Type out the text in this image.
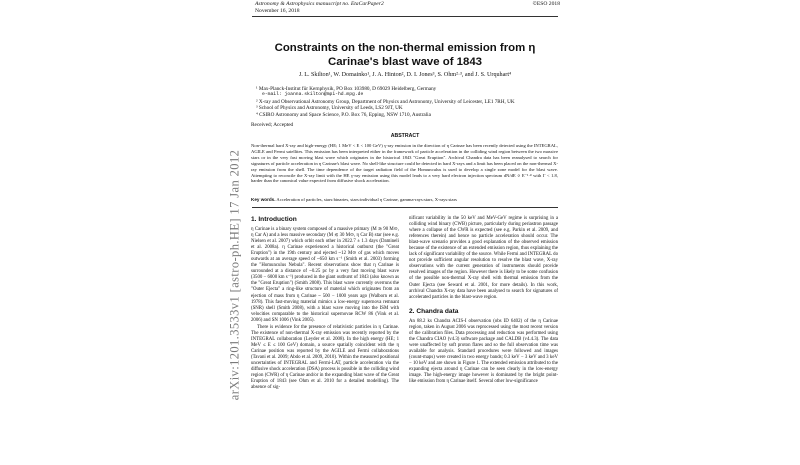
Astronomy & Astrophysics manuscript no. EtaCarPaper2
November 16, 2018
©ESO 2018
Constraints on the non-thermal emission from η Carinae's blast wave of 1843
J. L. Skilton¹, W. Domainko¹, J. A. Hinton², D. I. Jones³, S. Ohm²·³, and J. S. Urquhart⁴
¹ Max-Planck-Institut für Kernphysik, PO Box 103980, D 69029 Heidelberg, Germany
e-mail: joanna.skilton@mpi-hd.mpg.de
² X-ray and Observational Astronomy Group, Department of Physics and Astronomy, University of Leicester, LE1 7RH, UK
³ School of Physics and Astronomy, University of Leeds, LS2 9JT, UK
⁴ CSIRO Astronomy and Space Science, P.O. Box 76, Epping, NSW 1710, Australia
Received; Accepted
ABSTRACT
Non-thermal hard X-ray and high-energy (HE; 1 MeV < E < 100 GeV) γ-ray emission in the direction of η Carinae has been recently detected using the INTEGRAL, AGILE and Fermi satellites. This emission has been interpreted either in the framework of particle acceleration in the colliding wind region between the two massive stars or in the very fast moving blast wave which originates in the historical 1843 "Great Eruption". Archival Chandra data has been reanalysed to search for signatures of particle acceleration in η Carinae's blast wave. No shell-like structure could be detected in hard X-rays and a limit has been placed on the non-thermal X-ray emission from the shell. The time dependence of the target radiation field of the Homunculus is used to develop a single zone model for the blast wave. Attempting to reconcile the X-ray limit with the HE γ-ray emission using this model leads to a very hard electron injection spectrum dN/dE ∝ E⁻¹·⁸ with Γ < 1.8, harder than the canonical value expected from diffusive shock acceleration.
Key words. Acceleration of particles, stars:binaries, stars:individual η Carinae, gamma-rays:stars, X-rays:stars
arXiv:1201.3533v1 [astro-ph.HE] 17 Jan 2012 1. Introduction

η Carinae is a binary system composed of a massive primary (M ≳ 90 M⊙, η Car A) and a less massive secondary (M ≲ 30 M⊙, η Car B) star (see e.g. Nielsen et al. 2007) which orbit each other in 2022.7 ± 1.3 days (Damineli et al. 2008a). η Carinae experienced a historical outburst (the "Great Eruption") in the 19th century and ejected ~12 M⊙ of gas which moves outwards at an average speed of ~650 km s⁻¹ (Smith et al. 2003) forming the "Homunculus Nebula". Recent observations show that η Carinae is surrounded at a distance of ~0.25 pc by a very fast moving blast wave (3500 − 6000 km s⁻¹) produced in the giant outburst of 1843 (also known as the "Great Eruption") (Smith 2008). This blast wave currently overruns the "Outer Ejecta" a ring-like structure of material which originates from an ejection of mass from η Carinae ~ 500 − 1000 years ago (Walborn et al. 1978). This fast-moving material mimics a low-energy supernova remnant (SNR) shell (Smith 2008), with a blast wave moving into the ISM with velocities comparable to the historical supernovae RCW 86 (Vink et al. 2006) and SN 1006 (Vink 2005).

There is evidence for the presence of relativistic particles in η Carinae. The existence of non-thermal X-ray emission was recently reported by the INTEGRAL collaboration (Leyder et al. 2008). In the high energy (HE; 1 MeV ≤ E ≤ 100 GeV) domain, a source spatially coincident with the η Carinae position was reported by the AGILE and Fermi collaborations (Tavani et al. 2009; Abdo et al. 2009, 2010). Within the measured positional uncertainties of INTEGRAL and Fermi-LAT, particle acceleration via the diffusive shock acceleration (DSA) process is possible in the colliding wind region (CWR) of η Carinae and/or in the expanding blast wave of the Great Eruption of 1843 (see Ohm et al. 2010 for a detailed modelling). The absence of sig-

nificant variability in the 50 keV and MeV-GeV regime is surprising in a colliding wind binary (CWB) picture, particularly during periastron passage where a collapse of the CWR is expected (see e.g. Parkin et al. 2009, and references therein) and hence no particle acceleration should occur. The blast-wave scenario provides a good explanation of the observed emission because of the existence of an extended emission region, thus explaining the lack of significant variability of the source. While Fermi and INTEGRAL do not provide sufficient angular resolution to resolve the blast wave, X-ray observations with the current generation of instruments should provide resolved images of the region. However there is likely to be some confusion of the possible non-thermal X-ray shell with thermal emission from the Outer Ejecta (see Seward et al. 2001, for more details). In this work, archival Chandra X-ray data have been analysed to search for signatures of accelerated particles in the blast-wave region.

2. Chandra data

An 88.2 ks Chandra ACIS-I observation (obs ID 6402) of the η Carinae region, taken in August 2006 was reprocessed using the most recent version of the calibration files. Data processing and reduction was performed using the Chandra CIAO (v4.3) software package and CALDB (v4.4.3). The data were unaffected by soft proton flares and so the full observation time was available for analysis. Standard procedures were followed and images (count-maps) were created in two energy bands; 0.3 keV − 3 keV and 3 keV − 10 keV and are shown in Figure 1. The extended emission attributed to the expanding ejecta around η Carinae can be seen clearly in the low-energy image. The high-energy image however is dominated by the bright point-like emission from η Carinae itself. Several other low-significance
